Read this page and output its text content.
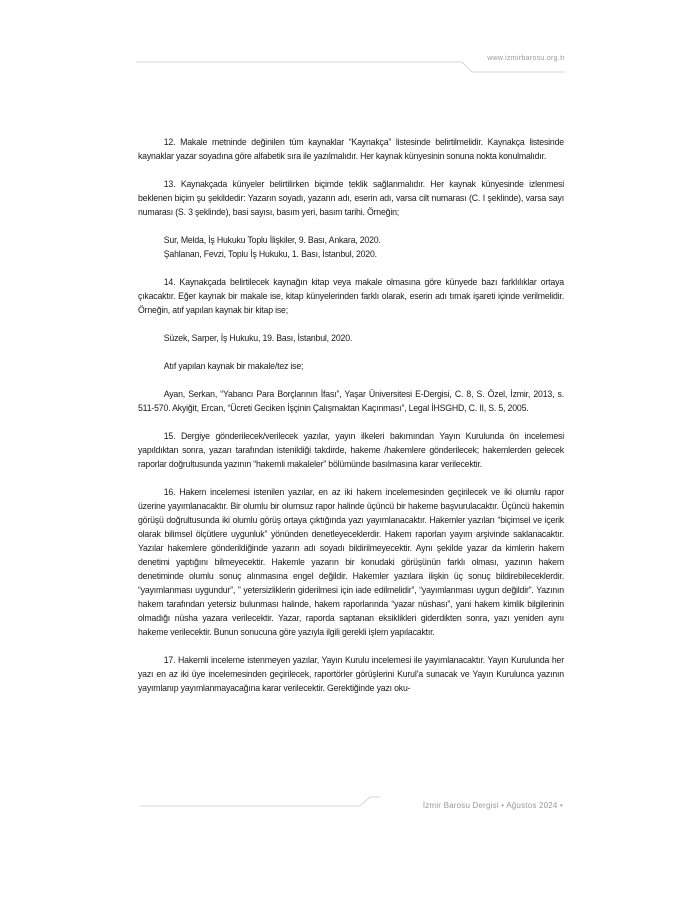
www.izmirbarosu.org.tr

12. Makale metninde değinilen tüm kaynaklar “Kaynakça” listesinde belirtilmelidir. Kaynakça listesinde kaynaklar yazar soyadına göre alfabetik sıra ile yazılmalıdır. Her kaynak künyesinin sonuna nokta konulmalıdır.

13. Kaynakçada künyeler belirtilirken biçimde teklik sağlanmalıdır. Her kaynak künyesinde izlenmesi beklenen biçim şu şekildedir: Yazarın soyadı, yazarın adı, eserin adı, varsa cilt numarası (C. I şeklinde), varsa sayı numarası (S. 3 şeklinde), basi sayısı, basım yeri, basım tarihi. Örneğin;

Sur, Melda, İş Hukuku Toplu İlişkiler, 9. Bası, Ankara, 2020.

Şahlanan, Fevzi, Toplu İş Hukuku, 1. Bası, İstanbul, 2020.

14. Kaynakçada belirtilecek kaynağın kitap veya makale olmasına göre künyede bazı farklılıklar ortaya çıkacaktır. Eğer kaynak bir makale ise, kitap künyelerinden farklı olarak, eserin adı tırnak işareti içinde verilmelidir. Örneğin, atıf yapılan kaynak bir kitap ise;

Süzek, Sarper, İş Hukuku, 19. Bası, İstanbul, 2020.

Atıf yapılan kaynak bir makale/tez ise;

Ayan, Serkan, “Yabancı Para Borçlarının İfası”, Yaşar Üniversitesi E-Dergisi, C. 8, S. Özel, İzmir, 2013, s. 511-570. Akyiğit, Ercan, “Ücreti Geciken İşçinin Çalışmaktan Kaçınması”, Legal İHSGHD, C. II, S. 5, 2005.

15. Dergiye gönderilecek/verilecek yazılar, yayın ilkeleri bakımından Yayın Kurulunda ön incelemesi yapıldıktan sonra, yazarı tarafından istenildiği takdirde, hakeme /hakemlere gönderilecek; hakemlerden gelecek raporlar doğrultusunda yazının “hakemli makaleler” bölümünde basılmasına karar verilecektir.

16. Hakem incelemesi istenilen yazılar, en az iki hakem incelemesinden geçirilecek ve iki olumlu rapor üzerine yayımlanacaktır. Bir olumlu bir olumsuz rapor halinde üçüncü bir hakeme başvurulacaktır. Üçüncü hakemin görüşü doğrultusunda iki olumlu görüş ortaya çıktığında yazı yayımlanacaktır. Hakemler yazıları “biçimsel ve içerik olarak bilimsel ölçütlere uygunluk” yönünden denetleyeceklerdir. Hakem raporları yayım arşivinde saklanacaktır. Yazılar hakemlere gönderildiğinde yazarın adı soyadı bildirilmeyecektir. Aynı şekilde yazar da kimlerin hakem denetimi yaptığını bilmeyecektir. Hakemle yazarın bir konudaki görüşünün farklı olması, yazının hakem denetiminde olumlu sonuç alınmasına engel değildir. Hakemler yazılara ilişkin üç sonuç bildirebileceklerdir. “yayımlanması uygundur”, ” yetersizliklerin giderilmesi için iade edilmelidir”, “yayımlanması uygun değildir”. Yazının hakem tarafından yetersiz bulunması halinde, hakem raporlarında “yazar nüshası”, yani hakem kimlik bilgilerinin olmadığı nüsha yazara verilecektir. Yazar, raporda saptanan eksiklikleri giderdikten sonra, yazı yeniden aynı hakeme verilecektir. Bunun sonucuna göre yazıyla ilgili gerekli işlem yapılacaktır.

17. Hakemli inceleme istenmeyen yazılar, Yayın Kurulu incelemesi ile yayımlanacaktır. Yayın Kurulunda her yazı en az iki üye incelemesinden geçirilecek, raportörler görüşlerini Kurul’a sunacak ve Yayın Kurulunca yazının yayımlanıp yayımlanmayacağına karar verilecektir. Gerektiğinde yazı oku-

İzmir Barosu Dergisi • Ağustos 2024 •
